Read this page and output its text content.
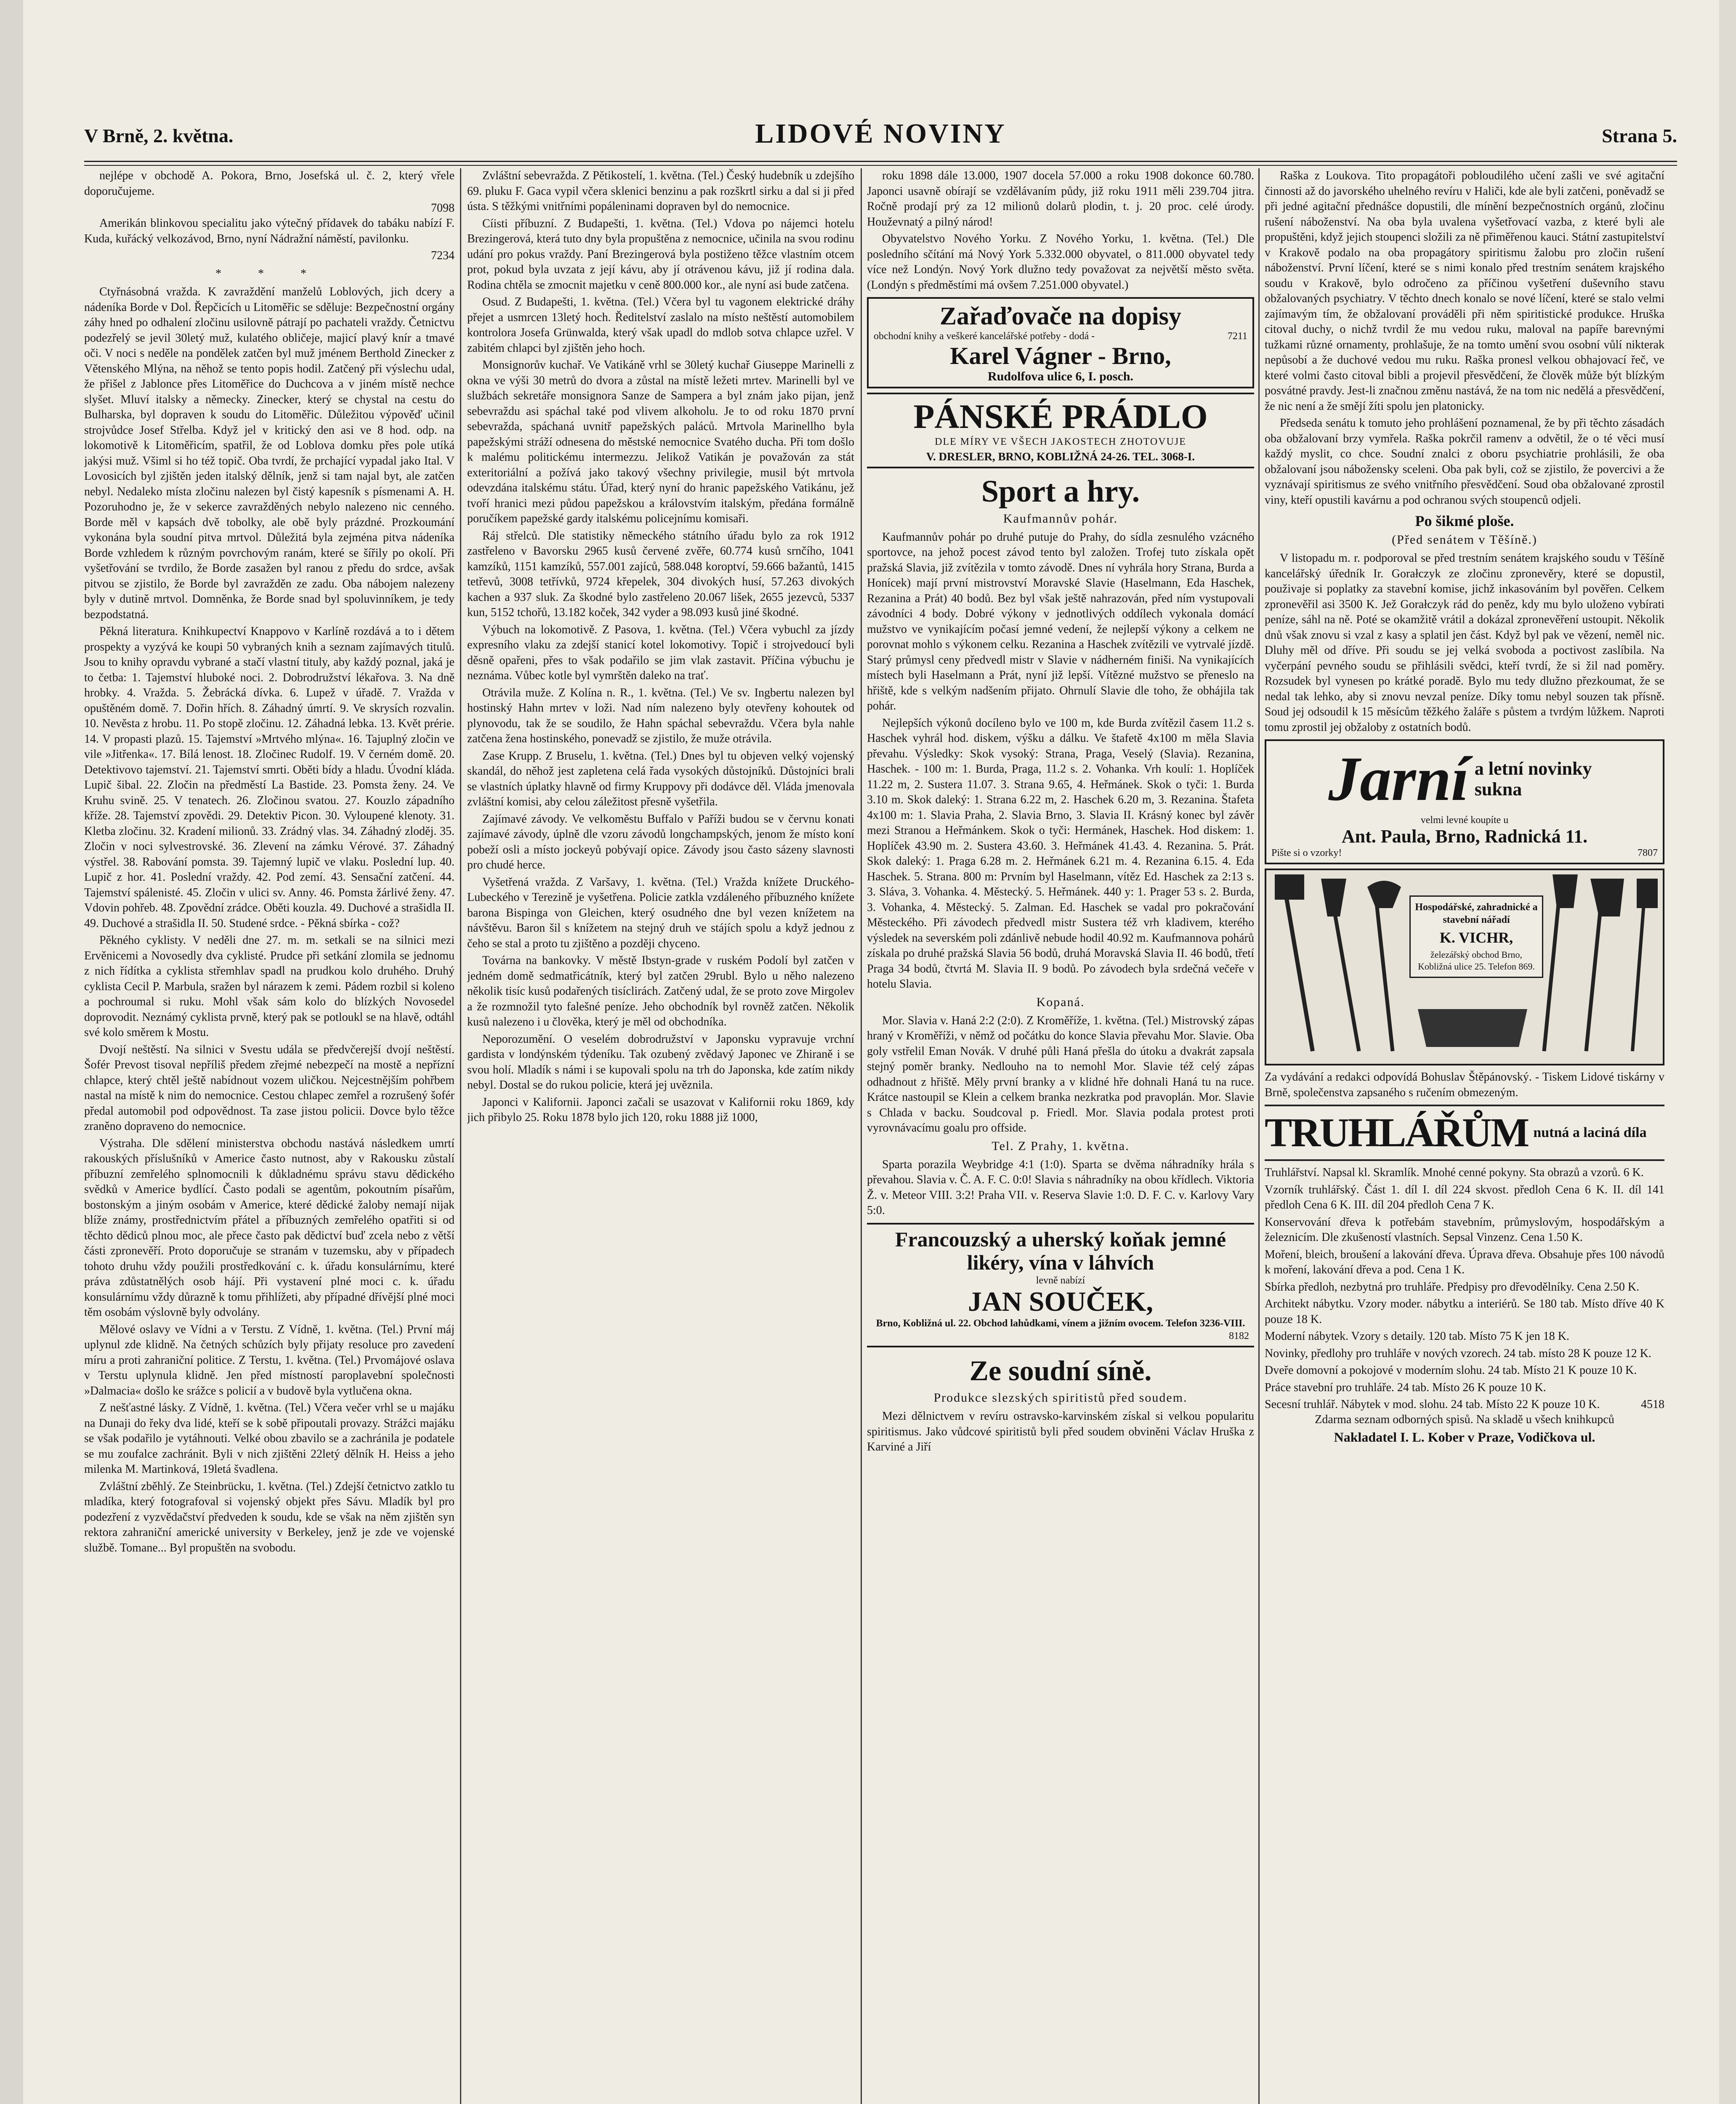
V Brně, 2. května.	LIDOVÉ NOVINY	Strana 5.

nejlépe v obchodě A. Pokora, Brno, Josefská ul. č. 2, který vřele doporučujeme.

7098

Amerikán blinkovou specialitu jako výtečný přídavek do tabáku nabízí F. Kuda, kuřácký velkozávod, Brno, nyní Nádražní náměstí, pavilonku.

7234
* * *

Ctyřnásobná vražda. K zavraždění manželů Loblových, jich dcery a nádeníka Borde v Dol. Řepčicích u Litoměřic se sděluje: Bezpečnostní orgány záhy hned po odhalení zločinu usilovně pátrají po pachateli vraždy. Četnictvu podezřelý se jevil 30letý muž, kulatého obličeje, majicí plavý knír a tmavé oči. V noci s neděle na pondělek zatčen byl muž jménem Berthold Zinecker z Větenského Mlýna, na něhož se tento popis hodil. Zatčený při výslechu udal, že přišel z Jablonce přes Litoměřice do Duchcova a v jiném místě nechce slyšet. Mluví italsky a německy. Zinecker, který se chystal na cestu do Bulharska, byl dopraven k soudu do Litoměřic. Důležitou výpověď učinil strojvůdce Josef Střelba. Když jel v kritický den asi ve 8 hod. odp. na lokomotivě k Litoměřicím, spatřil, že od Loblova domku přes pole utíká jakýsi muž. Všiml si ho též topič. Oba tvrdí, že prchající vypadal jako Ital. V Lovosicích byl zjištěn jeden italský dělník, jenž si tam najal byt, ale zatčen nebyl. Nedaleko místa zločinu nalezen byl čistý kapesník s písmenami A. H. Pozoruhodno je, že v sekerce zavražděných nebylo nalezeno nic cenného. Borde měl v kapsách dvě tobolky, ale obě byly prázdné. Prozkoumání vykonána byla soudní pitva mrtvol. Důležitá byla zejména pitva nádeníka Borde vzhledem k různým povrchovým ranám, které se šířily po okolí. Při vyšetřování se tvrdilo, že Borde zasažen byl ranou z předu do srdce, avšak pitvou se zjistilo, že Borde byl zavražděn ze zadu. Oba nábojem nalezeny byly v dutině mrtvol. Domněnka, že Borde snad byl spoluvinníkem, je tedy bezpodstatná.

Pěkná literatura. Knihkupectví Knappovo v Karlíně rozdává a to i dětem prospekty a vyzývá ke koupi 50 vybraných knih a seznam zajímavých titulů. Jsou to knihy opravdu vybrané a stačí vlastní tituly, aby každý poznal, jaká je to četba: 1. Tajemství hluboké noci. 2. Dobrodružství lékařova. 3. Na dně hrobky. 4. Vražda. 5. Žebrácká dívka. 6. Lupež v úřadě. 7. Vražda v opuštěném domě. 7. Dořin hřích. 8. Záhadný úmrtí. 9. Ve skrysích rozvalin. 10. Nevěsta z hrobu. 11. Po stopě zločinu. 12. Záhadná lebka. 13. Květ prérie. 14. V propasti plazů. 15. Tajemství »Mrtvého mlýna«. 16. Tajuplný zločin ve vile »Jitřenka«. 17. Bílá lenost. 18. Zločinec Rudolf. 19. V černém domě. 20. Detektivovo tajemství. 21. Tajemství smrti. Oběti bídy a hladu. Úvodní kláda. Lupič šibal. 22. Zločin na předměstí La Bastide. 23. Pomsta ženy. 24. Ve Kruhu svině. 25. V tenatech. 26. Zločinou svatou. 27. Kouzlo západního kříže. 28. Tajemství zpovědi. 29. Detektiv Picon. 30. Vyloupené klenoty. 31. Kletba zločinu. 32. Kradení milionů. 33. Zrádný vlas. 34. Záhadný zloděj. 35. Zločin v noci sylvestrovské. 36. Zlevení na zámku Vérové. 37. Záhadný výstřel. 38. Rabování pomsta. 39. Tajemný lupič ve vlaku. Poslední lup. 40. Lupič z hor. 41. Poslední vraždy. 42. Pod zemí. 43. Sensační zatčení. 44. Tajemství spálenisté. 45. Zločin v ulici sv. Anny. 46. Pomsta žárlivé ženy. 47. Vdovin pohřeb. 48. Zpovědní zrádce. Oběti kouzla. 49. Duchové a strašidla II. 49. Duchové a strašidla II. 50. Studené srdce. - Pěkná sbírka - což?

Pěkného cyklisty. V neděli dne 27. m. m. setkali se na silnici mezi Ervěnicemi a Novosedly dva cyklisté. Prudce při setkání zlomila se jednomu z nich řídítka a cyklista střemhlav spadl na prudkou kolo druhého. Druhý cyklista Cecil P. Marbula, sražen byl nárazem k zemi. Pádem rozbil si koleno a pochroumal si ruku. Mohl však sám kolo do blízkých Novosedel doprovodit. Neznámý cyklista prvně, který pak se potloukl se na hlavě, odtáhl své kolo směrem k Mostu.

Dvojí neštěstí. Na silnici v Svestu udála se předvčerejší dvojí neštěstí. Šofér Prevost tisoval nepříliš předem zřejmé nebezpečí na mostě a nepřízní chlapce, který chtěl ještě nabídnout vozem uličkou. Nejcestnějším pohřbem nastal na místě k nim do nemocnice. Cestou chlapec zemřel a rozrušený šofér předal automobil pod odpovědnost. Ta zase jistou policii. Dovce bylo těžce zraněno dopraveno do nemocnice.

Výstraha. Dle sdělení ministerstva obchodu nastává následkem umrtí rakouských příslušníků v Americe často nutnost, aby v Rakousku zůstalí příbuzní zemřelého splnomocnili k důkladnému správu stavu dědického svědků v Americe bydlící. Často podali se agentům, pokoutním písařům, bostonským a jiným osobám v Americe, které dědické žaloby nemají nijak blíže známy, prostřednictvím přátel a příbuzných zemřelého opatřiti si od těchto dědiců plnou moc, ale přece často pak dědictví buď zcela nebo z větší části zpronevěří. Proto doporučuje se stranám v tuzemsku, aby v případech tohoto druhu vždy použili prostředkování c. k. úřadu konsulárnímu, které práva zdůstatnělých osob hájí. Při vystavení plné moci c. k. úřadu konsulárnímu vždy důrazně k tomu přihlížeti, aby případné dřívější plné moci těm osobám výslovně byly odvolány.

Mělové oslavy ve Vídni a v Terstu. Z Vídně, 1. května. (Tel.) První máj uplynul zde klidně. Na četných schůzích byly přijaty resoluce pro zavedení míru a proti zahraniční politice. Z Terstu, 1. května. (Tel.) Prvomájové oslava v Terstu uplynula klidně. Jen před místností paroplavební společnosti »Dalmacia« došlo ke srážce s policií a v budově byla vytlučena okna.

Z nešťastné lásky. Z Vídně, 1. května. (Tel.) Včera večer vrhl se u majáku na Dunaji do řeky dva lidé, kteří se k sobě připoutali provazy. Strážci majáku se však podařilo je vytáhnouti. Velké obou zbavilo se a zachránila je podatele se mu zoufalce zachránit. Byli v nich zjištěni 22letý dělník H. Heiss a jeho milenka M. Martinková, 19letá švadlena.

Zvláštní zběhlý. Ze Steinbrücku, 1. května. (Tel.) Zdejší četnictvo zatklo tu mladíka, který fotografoval si vojenský objekt přes Sávu. Mladík byl pro podezření z vyzvědačství předveden k soudu, kde se však na něm zjištěn syn rektora zahraniční americké university v Berkeley, jenž je zde ve vojenské službě. Tomane... Byl propuštěn na svobodu.

Zvláštní sebevražda. Z Pětikostelí, 1. května. (Tel.) Český hudebník u zdejšího 69. pluku F. Gaca vypil včera sklenici benzinu a pak rozškrtl sirku a dal si ji před ústa. S těžkými vnitřními popáleninami dopraven byl do nemocnice.

Cíisti příbuzní. Z Budapešti, 1. května. (Tel.) Vdova po nájemci hotelu Brezingerová, která tuto dny byla propuštěna z nemocnice, učinila na svou rodinu udání pro pokus vraždy. Paní Brezingerová byla postiženo těžce vlastním otcem prot, pokud byla uvzata z její kávu, aby jí otrávenou kávu, již jí rodina dala. Rodina chtěla se zmocnit majetku v ceně 800.000 kor., ale nyní asi bude zatčena.

Osud. Z Budapešti, 1. května. (Tel.) Včera byl tu vagonem elektrické dráhy přejet a usmrcen 13letý hoch. Ředitelství zaslalo na místo neštěstí automobilem kontrolora Josefa Grünwalda, který však upadl do mdlob sotva chlapce uzřel. V zabitém chlapci byl zjištěn jeho hoch.

Monsignorův kuchař. Ve Vatikáně vrhl se 30letý kuchař Giuseppe Marinelli z okna ve výši 30 metrů do dvora a zůstal na místě ležeti mrtev. Marinelli byl ve službách sekretáře monsignora Sanze de Sampera a byl znám jako pijan, jenž sebevraždu asi spáchal také pod vlivem alkoholu. Je to od roku 1870 první sebevražda, spáchaná uvnitř papežských paláců. Mrtvola Marinellho byla papežskými stráží odnesena do městské nemocnice Svatého ducha. Při tom došlo k malému politickému intermezzu. Jelikož Vatikán je považován za stát exteritoriální a požívá jako takový všechny privilegie, musil být mrtvola odevzdána italskému státu. Úřad, který nyní do hranic papežského Vatikánu, jež tvoří hranici mezi půdou papežskou a královstvím italským, předána formálně poručíkem papežské gardy italskému policejnímu komisaři.

Ráj střelců. Dle statistiky německého státního úřadu bylo za rok 1912 zastřeleno v Bavorsku 2965 kusů červené zvěře, 60.774 kusů srnčího, 1041 kamzíků, 1151 kamzíků, 557.001 zajíců, 588.048 koroptví, 59.666 bažantů, 1415 tetřevů, 3008 tetřívků, 9724 křepelek, 304 divokých husí, 57.263 divokých kachen a 937 sluk. Za škodné bylo zastřeleno 20.067 lišek, 2655 jezevců, 5337 kun, 5152 tchořů, 13.182 koček, 342 vyder a 98.093 kusů jiné škodné.

Výbuch na lokomotivě. Z Pasova, 1. května. (Tel.) Včera vybuchl za jízdy expresního vlaku za zdejší stanicí kotel lokomotivy. Topič i strojvedoucí byli děsně opařeni, přes to však podařilo se jim vlak zastavit. Příčina výbuchu je neznáma. Vůbec kotle byl vymrštěn daleko na trať.

Otrávila muže. Z Kolína n. R., 1. května. (Tel.) Ve sv. Ingbertu nalezen byl hostinský Hahn mrtev v loži. Nad ním nalezeno byly otevřeny kohoutek od plynovodu, tak že se soudilo, že Hahn spáchal sebevraždu. Včera byla nahle zatčena žena hostinského, ponevadž se zjistilo, že muže otrávila.

Zase Krupp. Z Bruselu, 1. května. (Tel.) Dnes byl tu objeven velký vojenský skandál, do něhož jest zapletena celá řada vysokých důstojníků. Důstojníci brali se vlastních úplatky hlavně od firmy Kruppovy při dodávce děl. Vláda jmenovala zvláštní komisi, aby celou záležitost přesně vyšetřila.

Zajímavé závody. Ve velkoměstu Buffalo v Paříži budou se v červnu konati zajímavé závody, úplně dle vzoru závodů longchampských, jenom že místo koní pobeží osli a místo jockeyů pobývají opice. Závody jsou často sázeny slavnosti pro chudé herce.

Vyšetřená vražda. Z Varšavy, 1. května. (Tel.) Vražda knížete Druckého-Lubeckého v Terezině je vyšetřena. Policie zatkla vzdáleného příbuzného knížete barona Bispinga von Gleichen, který osudného dne byl vezen knížetem na návštěvu. Baron šil s knížetem na stejný druh ve stájích spolu a když jednou z čeho se stal a proto tu zjištěno a později chyceno.

Továrna na bankovky. V městě Ibstyn-grade v ruském Podolí byl zatčen v jedném domě sedmatřicátník, který byl zatčen 29rubl. Bylo u něho nalezeno několik tisíc kusů podařených tisíclirách. Zatčený udal, že se proto zove Mirgolev a že rozmnožil tyto falešné peníze. Jeho obchodník byl rovněž zatčen. Několik kusů nalezeno i u člověka, který je měl od obchodníka.

Neporozumění. O veselém dobrodružství v Japonsku vypravuje vrchní gardista v londýnském týdeníku. Tak ozubený zvědavý Japonec ve Zhiraně i se svou holí. Mladík s námi i se kupovali spolu na trh do Japonska, kde zatím nikdy nebyl. Dostal se do rukou policie, která jej uvěznila.

Japonci v Kalifornii. Japonci začali se usazovat v Kalifornii roku 1869, kdy jich přibylo 25. Roku 1878 bylo jich 120, roku 1888 již 1000,

roku 1898 dále 13.000, 1907 docela 57.000 a roku 1908 dokonce 60.780. Japonci usavně obírají se vzdělávaním půdy, již roku 1911 měli 239.704 jitra. Ročně prodají prý za 12 milionů dolarů plodin, t. j. 20 proc. celé úrody. Houževnatý a pilný národ!

Obyvatelstvo Nového Yorku. Z Nového Yorku, 1. května. (Tel.) Dle posledního sčítání má Nový York 5.332.000 obyvatel, o 811.000 obyvatel tedy více než Londýn. Nový York dlužno tedy považovat za největší město světa. (Londýn s předměstími má ovšem 7.251.000 obyvatel.)

Zařaďovače na dopisy
obchodní knihy a veškeré kancelářské potřeby - dodá -	7211
Karel Vágner - Brno,
Rudolfova ulice 6, I. posch.
PÁNSKÉ PRÁDLO
DLE MÍRY VE VŠECH JAKOSTECH ZHOTOVUJE
V. DRESLER, BRNO, KOBLIŽNÁ 24-26. TEL. 3068-I.
Sport a hry.
Kaufmannův pohár.

Kaufmannův pohár po druhé putuje do Prahy, do sídla zesnulého vzácného sportovce, na jehož pocest závod tento byl založen. Trofej tuto získala opět pražská Slavia, již zvítězila v tomto závodě. Dnes ní vyhrála hory Strana, Burda a Honícek) mají první mistrovství Moravské Slavie (Haselmann, Eda Haschek, Rezanina a Prát) 40 bodů. Bez byl však ještě nahrazován, před ním vystupovali závodníci 4 body. Dobré výkony v jednotlivých oddílech vykonala domácí mužstvo ve vynikajícím počasí jemné vedení, že nejlepší výkony a celkem ne porovnat mohlo s výkonem celku. Rezanina a Haschek zvítězili ve vytrvalé jízdě. Starý průmysl ceny předvedl mistr v Slavie v nádherném finiši. Na vynikajících místech byli Haselmann a Prát, nyní již lepší. Vítězné mužstvo se přeneslo na hřiště, kde s velkým nadšením přijato. Ohrnulí Slavie dle toho, že obhájila tak pohár.

Nejlepších výkonů docíleno bylo ve 100 m, kde Burda zvítězil časem 11.2 s. Haschek vyhrál hod. diskem, výšku a dálku. Ve štafetě 4x100 m měla Slavia převahu. Výsledky: Skok vysoký: Strana, Praga, Veselý (Slavia). Rezanina, Haschek. - 100 m: 1. Burda, Praga, 11.2 s. 2. Vohanka. Vrh koulí: 1. Hoplíček 11.22 m, 2. Sustera 11.07. 3. Strana 9.65, 4. Heřmánek. Skok o tyči: 1. Burda 3.10 m. Skok daleký: 1. Strana 6.22 m, 2. Haschek 6.20 m, 3. Rezanina. Štafeta 4x100 m: 1. Slavia Praha, 2. Slavia Brno, 3. Slavia II. Krásný konec byl závěr mezi Stranou a Heřmánkem. Skok o tyči: Hermánek, Haschek. Hod diskem: 1. Hoplíček 43.90 m. 2. Sustera 43.60. 3. Heřmánek 41.43. 4. Rezanina. 5. Prát. Skok daleký: 1. Praga 6.28 m. 2. Heřmánek 6.21 m. 4. Rezanina 6.15. 4. Eda Haschek. 5. Strana. 800 m: Prvním byl Haselmann, vítěz Ed. Haschek za 2:13 s. 3. Sláva, 3. Vohanka. 4. Městecký. 5. Heřmánek. 440 y: 1. Prager 53 s. 2. Burda, 3. Vohanka, 4. Městecký. 5. Zalman. Ed. Haschek se vadal pro pokračování Městeckého. Při závodech předvedl mistr Sustera též vrh kladivem, kterého výsledek na severském poli zdánlivě nebude hodil 40.92 m. Kaufmannova pohárů získala po druhé pražská Slavia 56 bodů, druhá Moravská Slavia II. 46 bodů, třetí Praga 34 bodů, čtvrtá M. Slavia II. 9 bodů. Po závodech byla srdečná večeře v hotelu Slavia.

Kopaná.

Mor. Slavia v. Haná 2:2 (2:0). Z Kroměříže, 1. května. (Tel.) Mistrovský zápas hraný v Kroměříži, v němž od počátku do konce Slavia převahu Mor. Slavie. Oba goly vstřelil Eman Novák. V druhé půli Haná přešla do útoku a dvakrát zapsala stejný poměr branky. Nedlouho na to nemohl Mor. Slavie též celý zápas odhadnout z hřiště. Měly první branky a v klidné hře dohnali Haná tu na ruce. Krátce nastoupil se Klein a celkem branka nezkratka pod pravoplán. Mor. Slavie s Chlada v backu. Soudcoval p. Friedl. Mor. Slavia podala protest proti vyrovnávacímu goalu pro offside.

Tel. Z Prahy, 1. května.

Sparta porazila Weybridge 4:1 (1:0). Sparta se dvěma náhradníky hrála s převahou. Slavia v. Č. A. F. C. 0:0! Slavia s náhradníky na obou křídlech. Viktoria Ž. v. Meteor VIII. 3:2! Praha VII. v. Reserva Slavie 1:0. D. F. C. v. Karlovy Vary 5:0.

Francouzský a uherský koňak jemné likéry, vína v láhvích
levně nabízí
JAN SOUČEK,
Brno, Kobližná ul. 22. Obchod lahůdkami, vínem a jižním ovocem. Telefon 3236-VIII.
8182
Ze soudní síně.
Produkce slezských spiritistů před soudem.

Mezi dělnictvem v revíru ostravsko-karvinském získal si velkou popularitu spiritismus. Jako vůdcové spiritistů byli před soudem obviněni Václav Hruška z Karviné a Jiří

Raška z Loukova. Tito propagátoři pobloudilého učení zašli ve své agitační činnosti až do javorského uhelného revíru v Haliči, kde ale byli zatčeni, poněvadž se při jedné agitační přednášce dopustili, dle mínění bezpečnostních orgánů, zločinu rušení náboženství. Na oba byla uvalena vyšetřovací vazba, z které byli ale propuštěni, když jejich stoupenci složili za ně přiměřenou kauci. Státní zastupitelství v Krakově podalo na oba propagátory spiritismu žalobu pro zločin rušení náboženství. První líčení, které se s nimi konalo před trestním senátem krajského soudu v Krakově, bylo odročeno za příčinou vyšetření duševního stavu obžalovaných psychiatry. V těchto dnech konalo se nové líčení, které se stalo velmi zajímavým tím, že obžalovaní prováděli při něm spiritistické produkce. Hruška citoval duchy, o nichž tvrdil že mu vedou ruku, maloval na papíře barevnými tužkami různé ornamenty, prohlašuje, že na tomto umění svou osobní vůlí nikterak nepůsobí a že duchové vedou mu ruku. Raška pronesl velkou obhajovací řeč, ve které volmi často citoval bibli a projevil přesvědčení, že člověk může být blízkým posvátné pravdy. Jest-li značnou změnu nastává, že na tom nic nedělá a přesvědčení, že nic není a že smějí žíti spolu jen platonicky.

Předseda senátu k tomuto jeho prohlášení poznamenal, že by při těchto zásadách oba obžalovaní brzy vymřela. Raška pokrčil ramenv a odvětil, že o té věci musí každý myslit, co chce. Soudní znalci z oboru psychiatrie prohlásili, že oba obžalovaní jsou nábožensky sceleni. Oba pak byli, což se zjistilo, že povercivi a že vyznávají spiritismus ze svého vnitřního přesvědčení. Soud oba obžalované zprostil viny, kteří opustili kavárnu a pod ochranou svých stoupenců odjeli.

Po šikmé ploše.
(Před senátem v Těšíně.)

V listopadu m. r. podporoval se před trestním senátem krajského soudu v Těšíně kancelářský úředník Ir. Gorałczyk ze zločinu zpronevěry, které se dopustil, použivaje si poplatky za stavební komise, jichž inkasováním byl pověřen. Celkem zpronevěřil asi 3500 K. Jež Gorałczyk rád do peněz, kdy mu bylo uloženo vybírati peníze, sáhl na ně. Poté se okamžitě vrátil a dokázal zpronevěření ustoupit. Několik dnů však znovu si vzal z kasy a splatil jen část. Když byl pak ve vězení, neměl nic. Dluhy měl od dříve. Při soudu se jej velká svoboda a poctivost zaslíbila. Na vyčerpání pevného soudu se přihlásili svědci, kteří tvrdí, že si žil nad poměry. Rozsudek byl vynesen po krátké poradě. Bylo mu tedy dlužno přezkoumat, že se nedal tak lehko, aby si znovu nevzal peníze. Díky tomu nebyl souzen tak přísně. Soud jej odsoudil k 15 měsícům těžkého žaláře s půstem a tvrdým lůžkem. Naproti tomu zprostil jej obžaloby z ostatních bodů.

Jarní a letní novinky sukna
velmi levné koupíte u
Ant. Paula, Brno, Radnická 11.
Pište si o vzorky!	7807
Hospodářské, zahradnické a stavební nářadí
K. VICHR,
železářský obchod Brno, Kobližná ulice 25. Telefon 869.

Za vydávání a redakci odpovídá Bohuslav Štěpánovský. - Tiskem Lidové tiskárny v Brně, společenstva zapsaného s ručením obmezeným.

TRUHLÁŘŮM nutná a laciná díla

Truhlářství. Napsal kl. Skramlík. Mnohé cenné pokyny. Sta obrazů a vzorů. 6 K.

Vzorník truhlářský. Část 1. díl I. díl 224 skvost. předloh Cena 6 K. II. díl 141 předloh Cena 6 K. III. díl 204 předloh Cena 7 K.

Konservování dřeva k potřebám stavebním, průmyslovým, hospodářským a železnicím. Dle zkušeností vlastních. Sepsal Vinzenz. Cena 1.50 K.

Moření, bleich, broušení a lakování dřeva. Úprava dřeva. Obsahuje přes 100 návodů k moření, lakování dřeva a pod. Cena 1 K.

Sbírka předloh, nezbytná pro truhláře. Předpisy pro dřevodělníky. Cena 2.50 K.

Architekt nábytku. Vzory moder. nábytku a interiérů. Se 180 tab. Místo dříve 40 K pouze 18 K.

Moderní nábytek. Vzory s detaily. 120 tab. Místo 75 K jen 18 K.

Novinky, předlohy pro truhláře v nových vzorech. 24 tab. místo 28 K pouze 12 K.

Dveře domovní a pokojové v moderním slohu. 24 tab. Místo 21 K pouze 10 K.

Práce stavební pro truhláře. 24 tab. Místo 26 K pouze 10 K.

Secesní truhlář. Nábytek v mod. slohu. 24 tab. Místo 22 K pouze 10 K.	4518

Zdarma seznam odborných spisů. Na skladě u všech knihkupců

Nakladatel I. L. Kober v Praze, Vodičkova ul.
